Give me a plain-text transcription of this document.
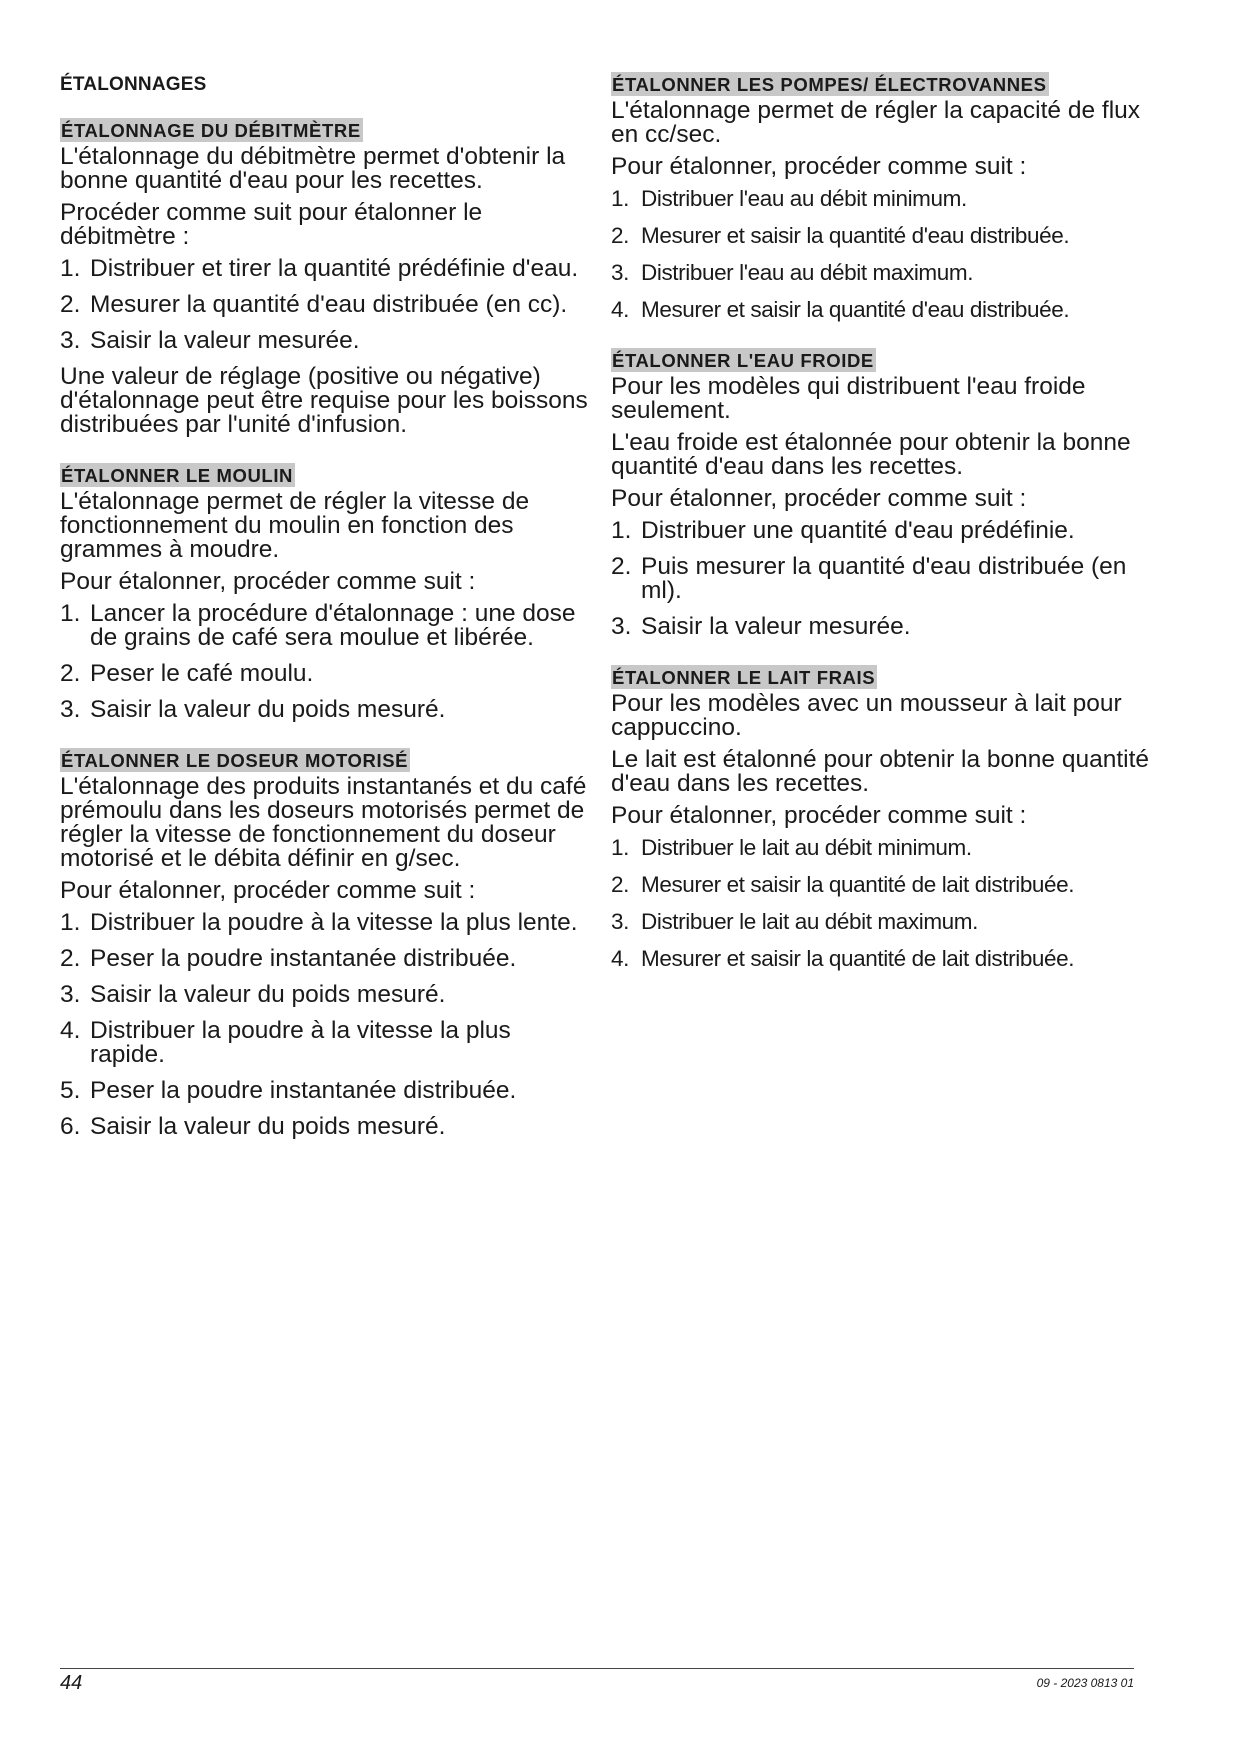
ÉTALONNAGES
ÉTALONNAGE DU DÉBITMÈTRE

L'étalonnage du débitmètre permet d'obtenir la bonne quantité d'eau pour les recettes.

Procéder comme suit pour étalonner le débitmètre :

1. Distribuer et tirer la quantité prédéfinie d'eau.
2. Mesurer la quantité d'eau distribuée (en cc).
3. Saisir la valeur mesurée.

Une valeur de réglage (positive ou négative) d'étalonnage peut être requise pour les boissons distribuées par l'unité d'infusion.

ÉTALONNER LE MOULIN

L'étalonnage permet de régler la vitesse de fonctionnement du moulin en fonction des grammes à moudre.

Pour étalonner, procéder comme suit :

1. Lancer la procédure d'étalonnage : une dose de grains de café sera moulue et libérée.
2. Peser le café moulu.
3. Saisir la valeur du poids mesuré.
ÉTALONNER LE DOSEUR MOTORISÉ

L'étalonnage des produits instantanés et du café prémoulu dans les doseurs motorisés permet de régler la vitesse de fonctionnement du doseur motorisé et le débita définir en g/sec.

Pour étalonner, procéder comme suit :

1. Distribuer la poudre à la vitesse la plus lente.
2. Peser la poudre instantanée distribuée.
3. Saisir la valeur du poids mesuré.
4. Distribuer la poudre à la vitesse la plus rapide.
5. Peser la poudre instantanée distribuée.
6. Saisir la valeur du poids mesuré.
ÉTALONNER LES POMPES/ ÉLECTROVANNES

L'étalonnage permet de régler la capacité de flux en cc/sec.

Pour étalonner, procéder comme suit :

1. Distribuer l'eau au débit minimum.
2. Mesurer et saisir la quantité d'eau distribuée.
3. Distribuer l'eau au débit maximum.
4. Mesurer et saisir la quantité d'eau distribuée.
ÉTALONNER L'EAU FROIDE

Pour les modèles qui distribuent l'eau froide seulement.

L'eau froide est étalonnée pour obtenir la bonne quantité d'eau dans les recettes.

Pour étalonner, procéder comme suit :

1. Distribuer une quantité d'eau prédéfinie.
2. Puis mesurer la quantité d'eau distribuée (en ml).
3. Saisir la valeur mesurée.
ÉTALONNER LE LAIT FRAIS

Pour les modèles avec un mousseur à lait pour cappuccino.

Le lait est étalonné pour obtenir la bonne quantité d'eau dans les recettes.

Pour étalonner, procéder comme suit :

1. Distribuer le lait au débit minimum.
2. Mesurer et saisir la quantité de lait distribuée.
3. Distribuer le lait au débit maximum.
4. Mesurer et saisir la quantité de lait distribuée.
44	09 - 2023 0813 01
